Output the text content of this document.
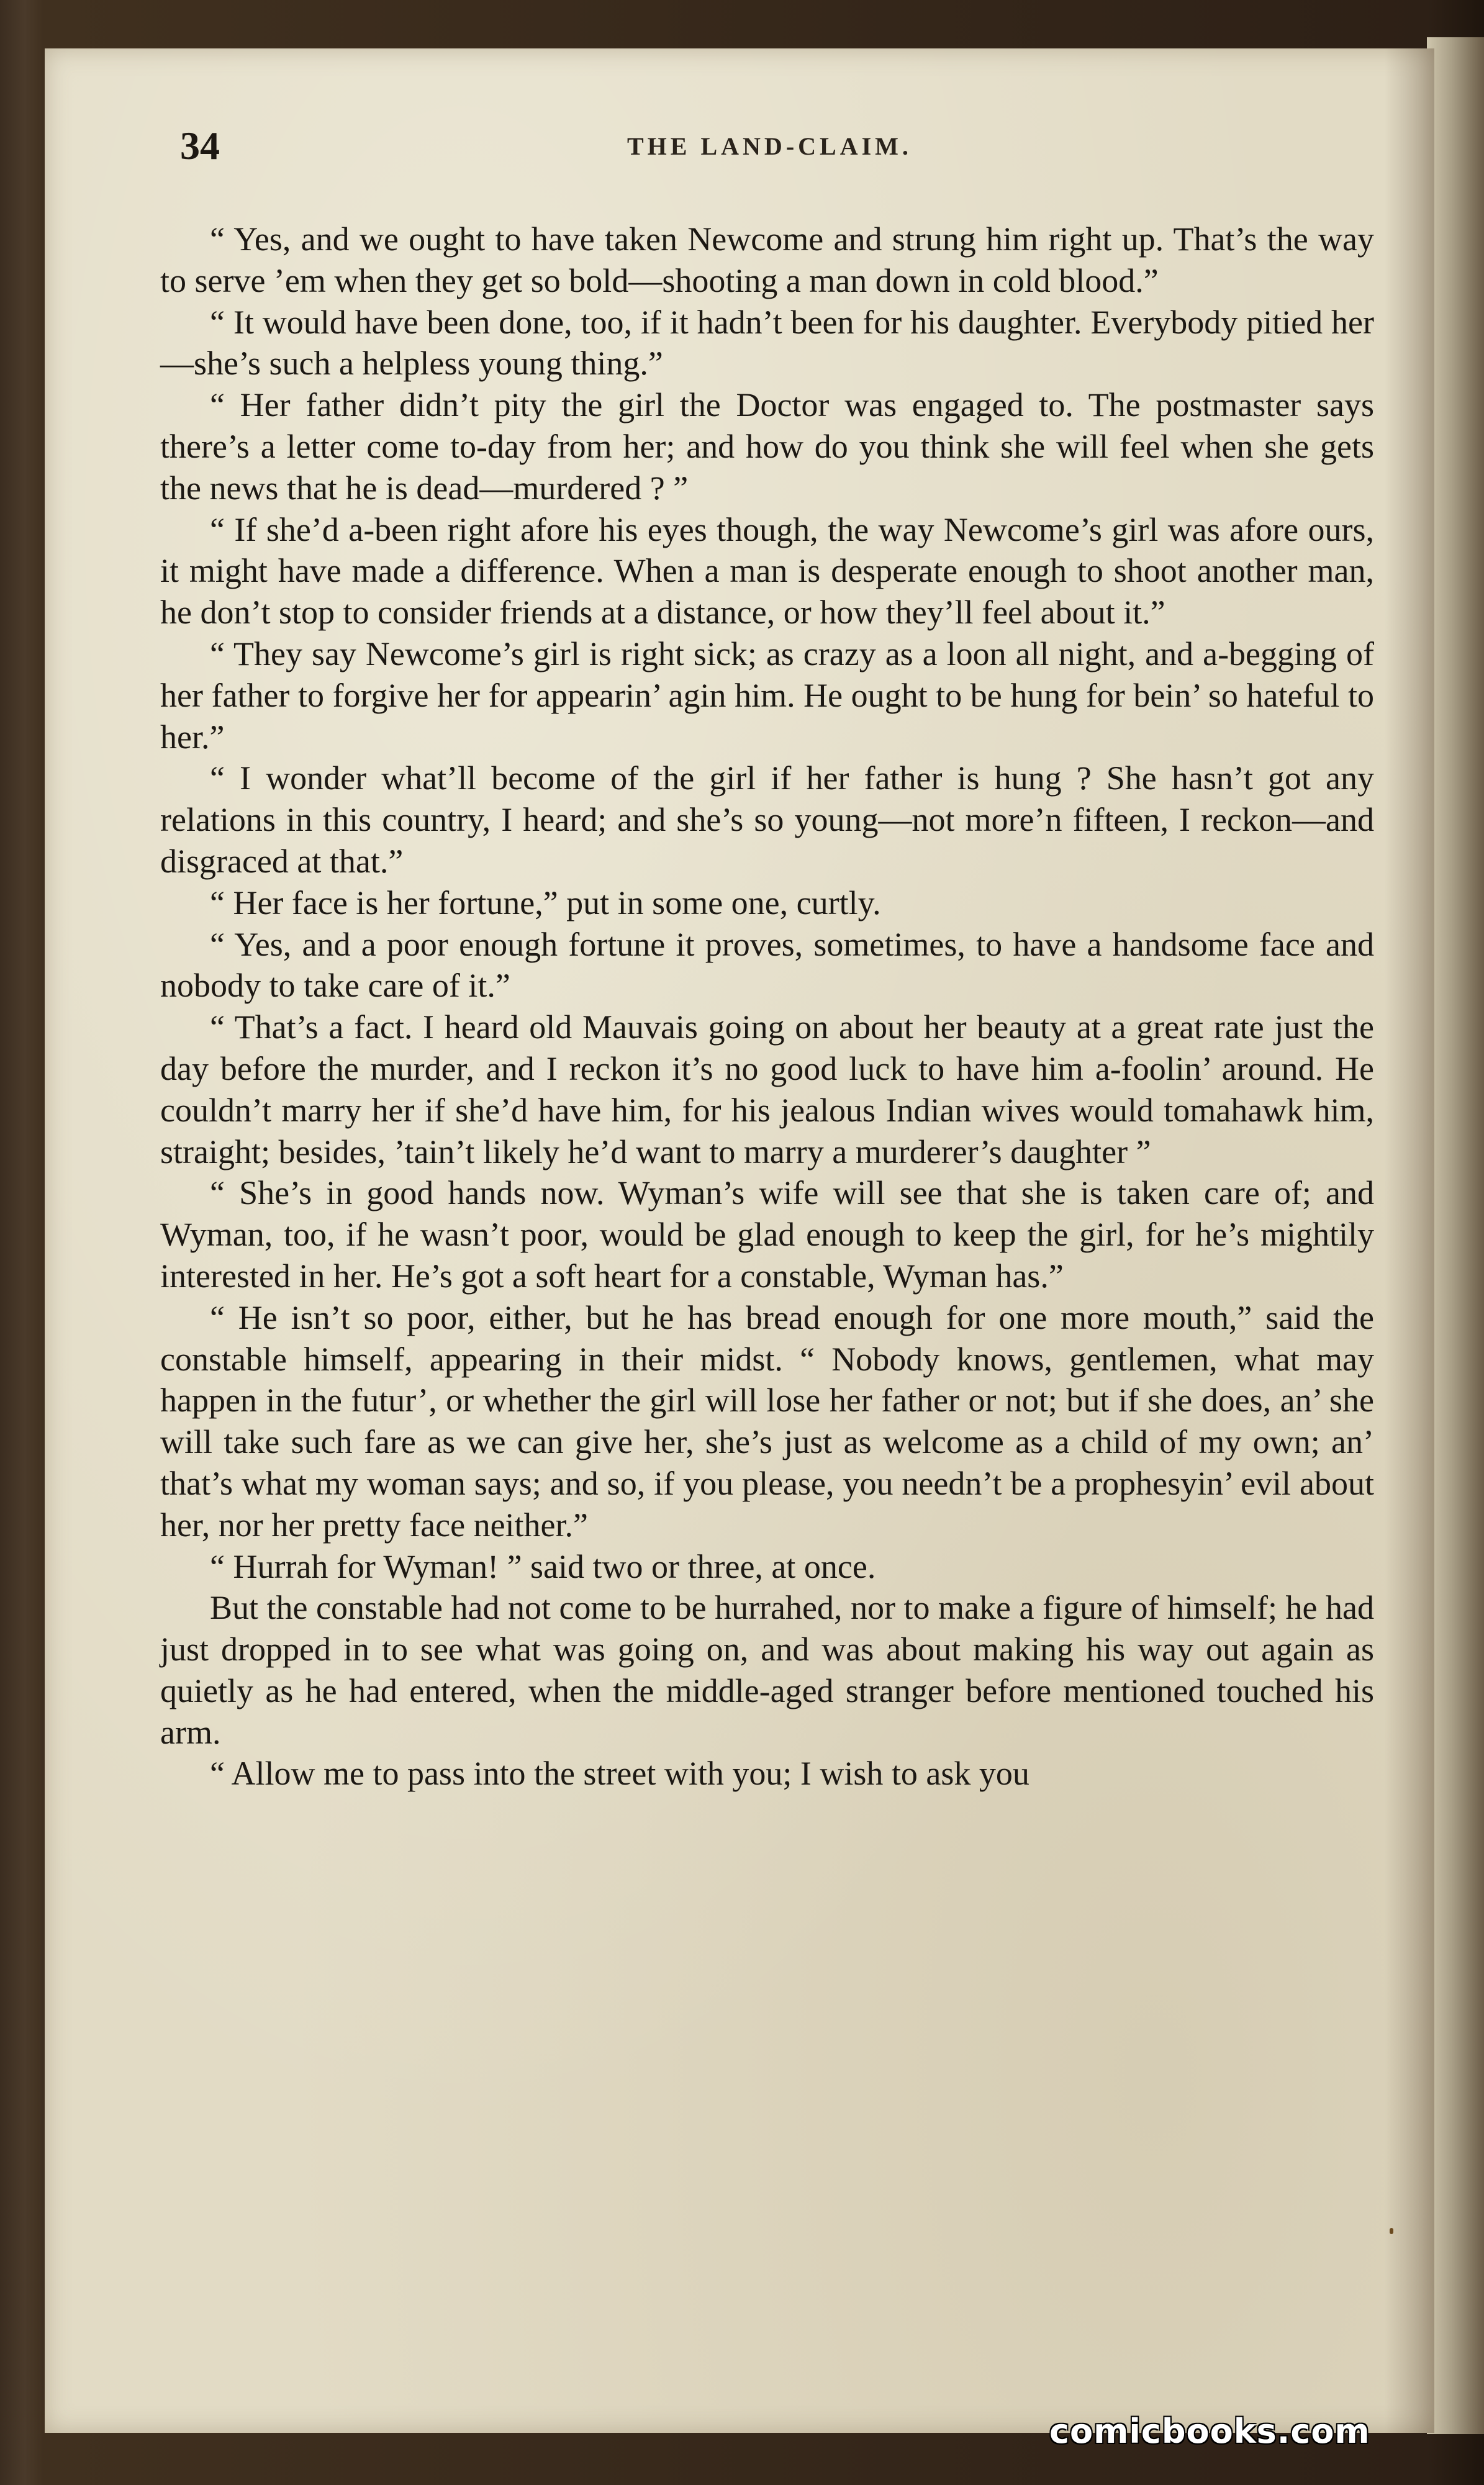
34	THE LAND-CLAIM.

“ Yes, and we ought to have taken Newcome and strung him right up. That’s the way to serve ’em when they get so bold—shooting a man down in cold blood.”

“ It would have been done, too, if it hadn’t been for his daughter. Everybody pitied her—she’s such a helpless young thing.”

“ Her father didn’t pity the girl the Doctor was engaged to. The postmaster says there’s a letter come to-day from her; and how do you think she will feel when she gets the news that he is dead—murdered ? ”

“ If she’d a-been right afore his eyes though, the way Newcome’s girl was afore ours, it might have made a difference. When a man is desperate enough to shoot another man, he don’t stop to consider friends at a distance, or how they’ll feel about it.”

“ They say Newcome’s girl is right sick; as crazy as a loon all night, and a-begging of her father to forgive her for appearin’ agin him. He ought to be hung for bein’ so hateful to her.”

“ I wonder what’ll become of the girl if her father is hung ? She hasn’t got any relations in this country, I heard; and she’s so young—not more’n fifteen, I reckon—and disgraced at that.”

“ Her face is her fortune,” put in some one, curtly.

“ Yes, and a poor enough fortune it proves, sometimes, to have a handsome face and nobody to take care of it.”

“ That’s a fact. I heard old Mauvais going on about her beauty at a great rate just the day before the murder, and I reckon it’s no good luck to have him a-foolin’ around. He couldn’t marry her if she’d have him, for his jealous Indian wives would tomahawk him, straight; besides, ’tain’t likely he’d want to marry a murderer’s daughter ”

“ She’s in good hands now. Wyman’s wife will see that she is taken care of; and Wyman, too, if he wasn’t poor, would be glad enough to keep the girl, for he’s mightily interested in her. He’s got a soft heart for a constable, Wyman has.”

“ He isn’t so poor, either, but he has bread enough for one more mouth,” said the constable himself, appearing in their midst. “ Nobody knows, gentlemen, what may happen in the futur’, or whether the girl will lose her father or not; but if she does, an’ she will take such fare as we can give her, she’s just as welcome as a child of my own; an’ that’s what my woman says; and so, if you please, you needn’t be a prophesyin’ evil about her, nor her pretty face neither.”

“ Hurrah for Wyman! ” said two or three, at once.

But the constable had not come to be hurrahed, nor to make a figure of himself; he had just dropped in to see what was going on, and was about making his way out again as quietly as he had entered, when the middle-aged stranger before mentioned touched his arm.

“ Allow me to pass into the street with you; I wish to ask you

comicbooks.com
